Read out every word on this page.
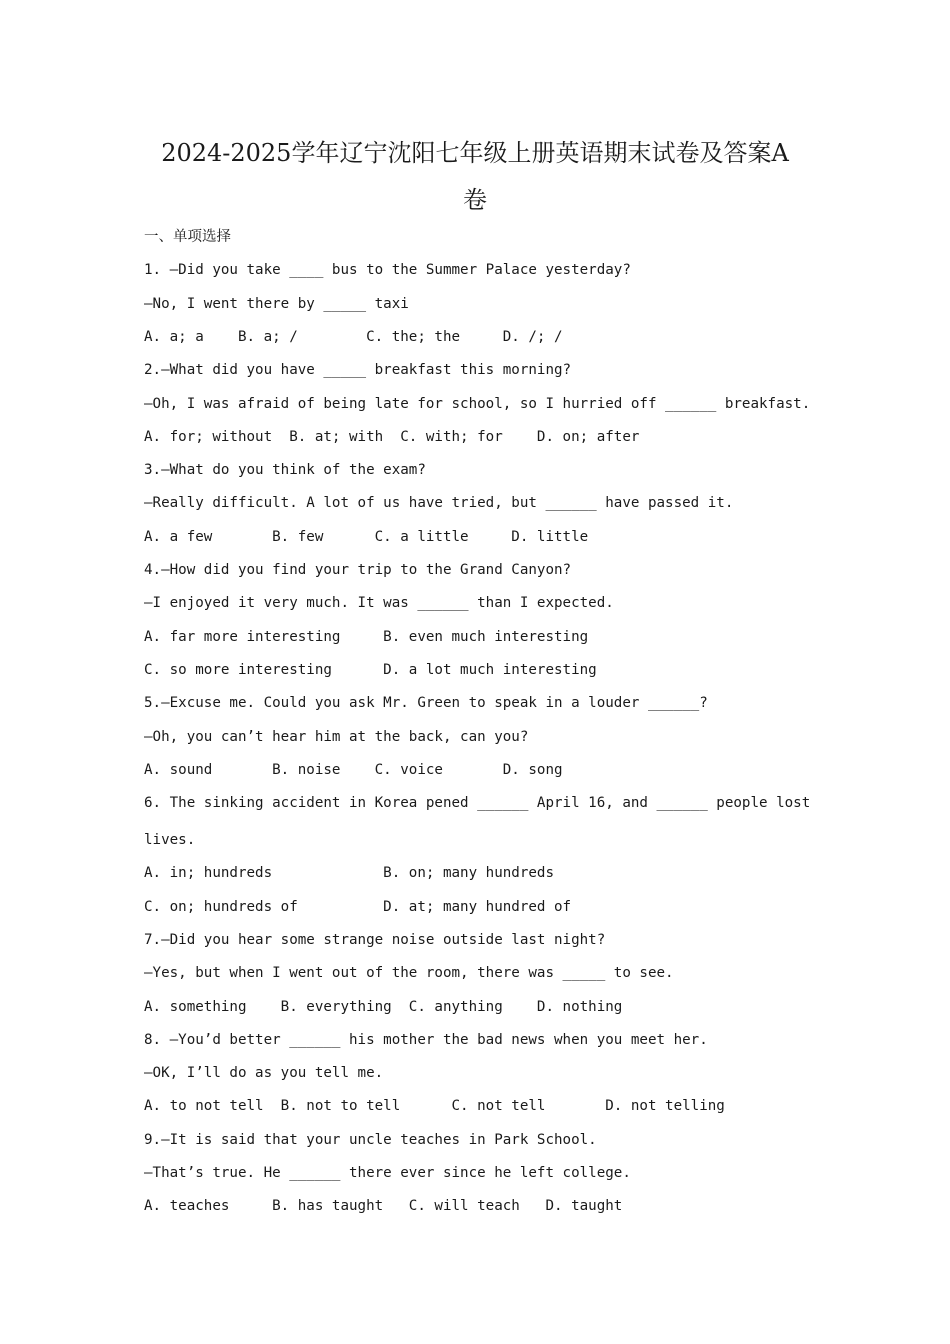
2024-2025学年辽宁沈阳七年级上册英语期末试卷及答案A
卷
一、单项选择
1. —Did you take ____ bus to the Summer Palace yesterday?
—No, I went there by _____ taxi
A. a; a    B. a; /        C. the; the     D. /; /
2.—What did you have _____ breakfast this morning?
—Oh, I was afraid of being late for school, so I hurried off ______ breakfast.
A. for; without  B. at; with  C. with; for    D. on; after
3.—What do you think of the exam?
—Really difficult. A lot of us have tried, but ______ have passed it.
A. a few       B. few      C. a little     D. little
4.—How did you find your trip to the Grand Canyon?
—I enjoyed it very much. It was ______ than I expected.
A. far more interesting     B. even much interesting
C. so more interesting      D. a lot much interesting
5.—Excuse me. Could you ask Mr. Green to speak in a louder ______?
—Oh, you can’t hear him at the back, can you?
A. sound       B. noise    C. voice       D. song
6. The sinking accident in Korea pened ______ April 16, and ______ people lost
lives.
A. in; hundreds             B. on; many hundreds
C. on; hundreds of          D. at; many hundred of
7.—Did you hear some strange noise outside last night?
—Yes, but when I went out of the room, there was _____ to see.
A. something    B. everything  C. anything    D. nothing
8. —You’d better ______ his mother the bad news when you meet her.
—OK, I’ll do as you tell me.
A. to not tell  B. not to tell      C. not tell       D. not telling
9.—It is said that your uncle teaches in Park School.
—That’s true. He ______ there ever since he left college.
A. teaches     B. has taught   C. will teach   D. taught
